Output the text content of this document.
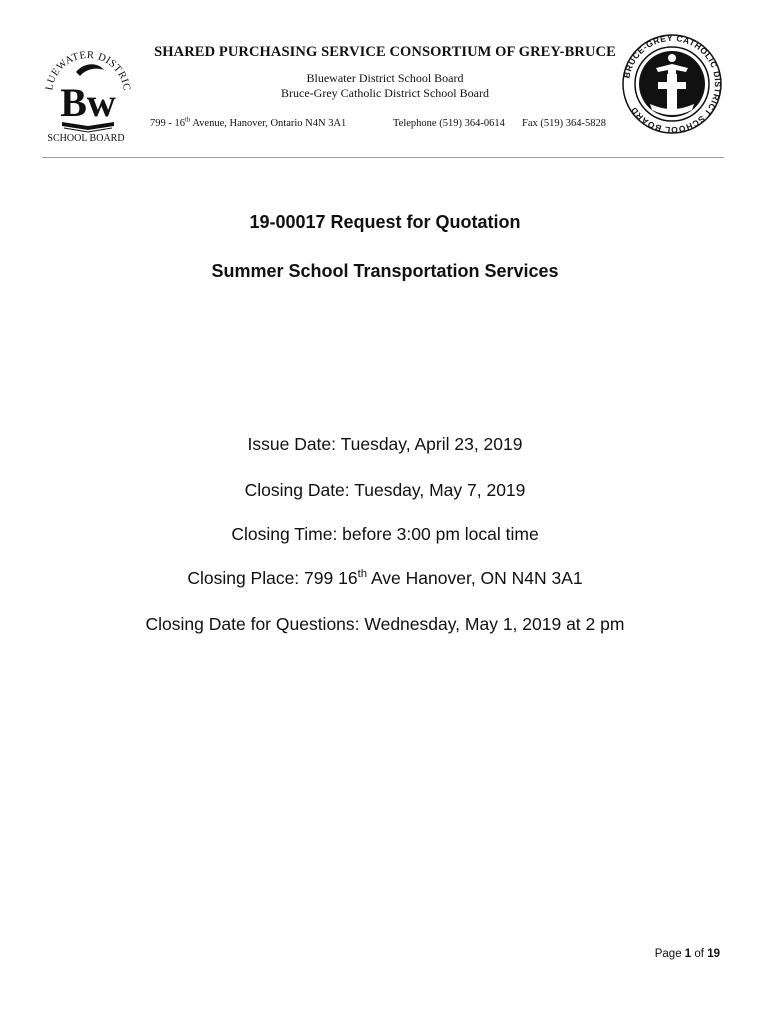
LUEWATER DISTRIC
Bw
SCHOOL BOARD
SHARED PURCHASING SERVICE CONSORTIUM OF GREY-BRUCE
Bluewater District School Board
Bruce-Grey Catholic District School Board
799 - 16th Avenue, Hanover, Ontario N4N 3A1	Telephone (519) 364-0614 Fax (519) 364-5828
BRUCE-GREY CATHOLIC DISTRICT SCHOOL BOARD
19-00017 Request for Quotation
Summer School Transportation Services
Issue Date: Tuesday, April 23, 2019
Closing Date: Tuesday, May 7, 2019
Closing Time: before 3:00 pm local time
Closing Place: 799 16th Ave Hanover, ON N4N 3A1
Closing Date for Questions: Wednesday, May 1, 2019 at 2 pm
Page 1 of 19
